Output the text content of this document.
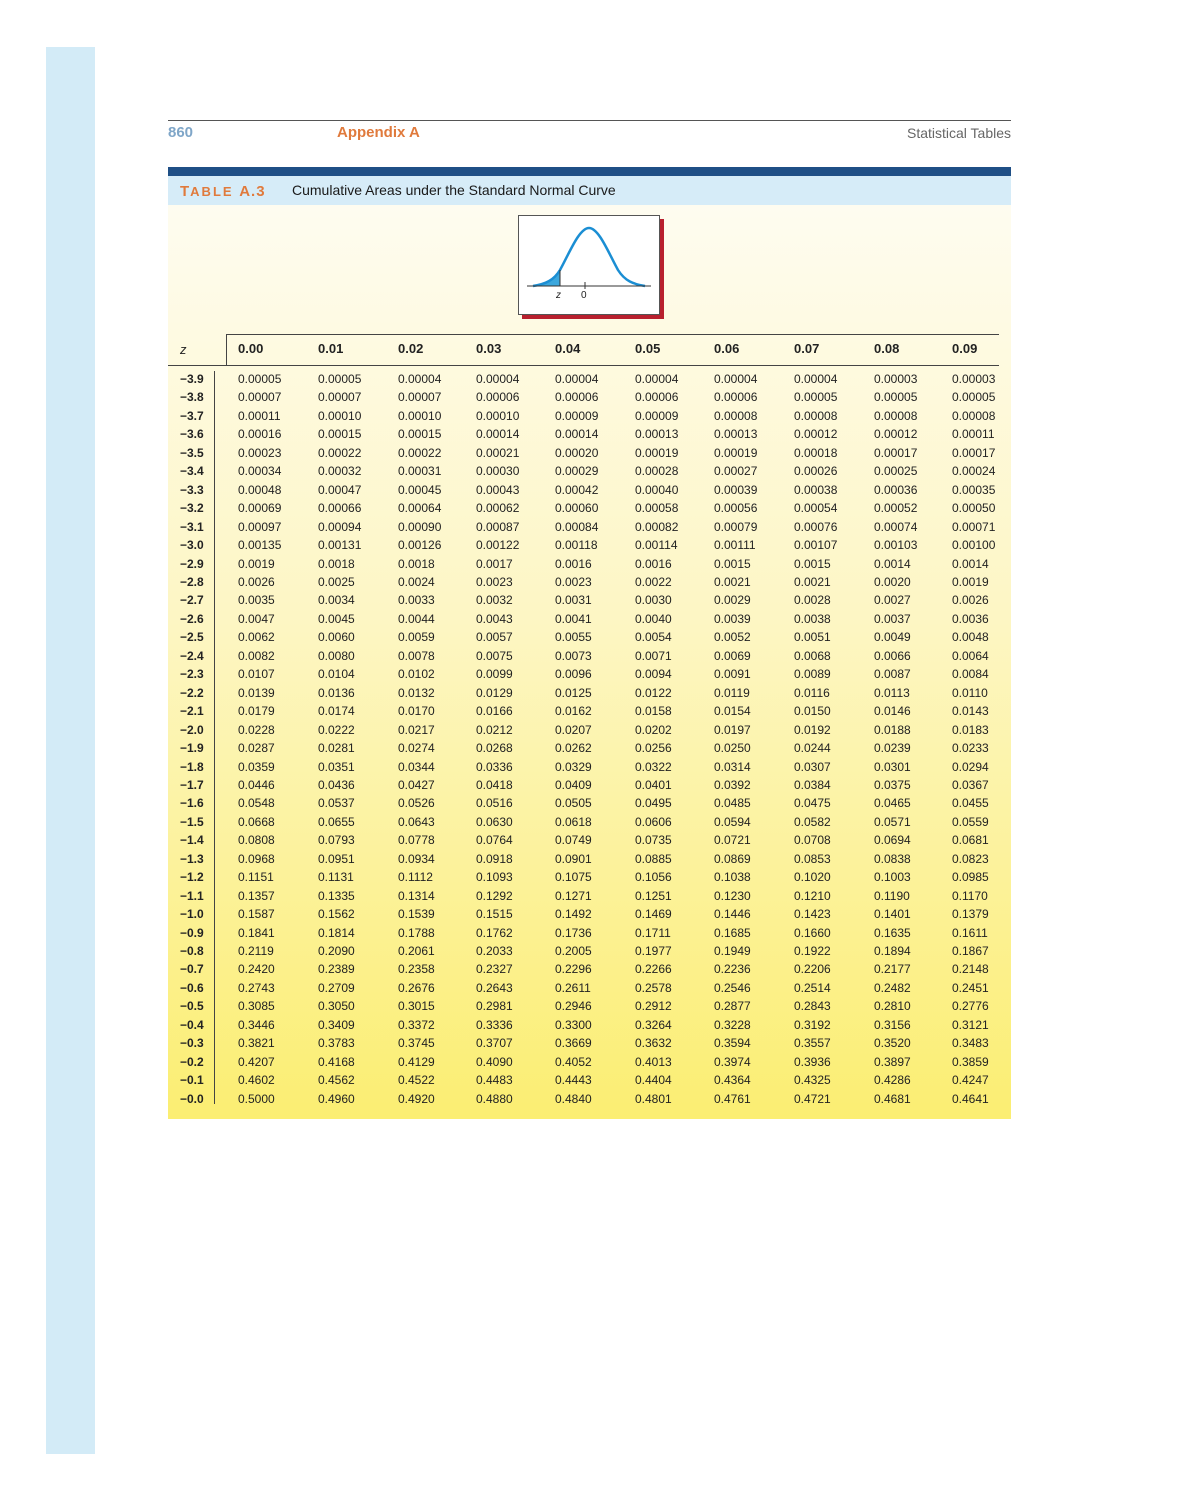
860	Appendix A	Statistical Tables
TABLE A.3 Cumulative Areas under the Standard Normal Curve
z 0
z	0.00	0.01	0.02	0.03	0.04	0.05	0.06	0.07	0.08	0.09
−3.9	0.00005	0.00005	0.00004	0.00004	0.00004	0.00004	0.00004	0.00004	0.00003	0.00003
−3.8	0.00007	0.00007	0.00007	0.00006	0.00006	0.00006	0.00006	0.00005	0.00005	0.00005
−3.7	0.00011	0.00010	0.00010	0.00010	0.00009	0.00009	0.00008	0.00008	0.00008	0.00008
−3.6	0.00016	0.00015	0.00015	0.00014	0.00014	0.00013	0.00013	0.00012	0.00012	0.00011
−3.5	0.00023	0.00022	0.00022	0.00021	0.00020	0.00019	0.00019	0.00018	0.00017	0.00017
−3.4	0.00034	0.00032	0.00031	0.00030	0.00029	0.00028	0.00027	0.00026	0.00025	0.00024
−3.3	0.00048	0.00047	0.00045	0.00043	0.00042	0.00040	0.00039	0.00038	0.00036	0.00035
−3.2	0.00069	0.00066	0.00064	0.00062	0.00060	0.00058	0.00056	0.00054	0.00052	0.00050
−3.1	0.00097	0.00094	0.00090	0.00087	0.00084	0.00082	0.00079	0.00076	0.00074	0.00071
−3.0	0.00135	0.00131	0.00126	0.00122	0.00118	0.00114	0.00111	0.00107	0.00103	0.00100
−2.9	0.0019	0.0018	0.0018	0.0017	0.0016	0.0016	0.0015	0.0015	0.0014	0.0014
−2.8	0.0026	0.0025	0.0024	0.0023	0.0023	0.0022	0.0021	0.0021	0.0020	0.0019
−2.7	0.0035	0.0034	0.0033	0.0032	0.0031	0.0030	0.0029	0.0028	0.0027	0.0026
−2.6	0.0047	0.0045	0.0044	0.0043	0.0041	0.0040	0.0039	0.0038	0.0037	0.0036
−2.5	0.0062	0.0060	0.0059	0.0057	0.0055	0.0054	0.0052	0.0051	0.0049	0.0048
−2.4	0.0082	0.0080	0.0078	0.0075	0.0073	0.0071	0.0069	0.0068	0.0066	0.0064
−2.3	0.0107	0.0104	0.0102	0.0099	0.0096	0.0094	0.0091	0.0089	0.0087	0.0084
−2.2	0.0139	0.0136	0.0132	0.0129	0.0125	0.0122	0.0119	0.0116	0.0113	0.0110
−2.1	0.0179	0.0174	0.0170	0.0166	0.0162	0.0158	0.0154	0.0150	0.0146	0.0143
−2.0	0.0228	0.0222	0.0217	0.0212	0.0207	0.0202	0.0197	0.0192	0.0188	0.0183
−1.9	0.0287	0.0281	0.0274	0.0268	0.0262	0.0256	0.0250	0.0244	0.0239	0.0233
−1.8	0.0359	0.0351	0.0344	0.0336	0.0329	0.0322	0.0314	0.0307	0.0301	0.0294
−1.7	0.0446	0.0436	0.0427	0.0418	0.0409	0.0401	0.0392	0.0384	0.0375	0.0367
−1.6	0.0548	0.0537	0.0526	0.0516	0.0505	0.0495	0.0485	0.0475	0.0465	0.0455
−1.5	0.0668	0.0655	0.0643	0.0630	0.0618	0.0606	0.0594	0.0582	0.0571	0.0559
−1.4	0.0808	0.0793	0.0778	0.0764	0.0749	0.0735	0.0721	0.0708	0.0694	0.0681
−1.3	0.0968	0.0951	0.0934	0.0918	0.0901	0.0885	0.0869	0.0853	0.0838	0.0823
−1.2	0.1151	0.1131	0.1112	0.1093	0.1075	0.1056	0.1038	0.1020	0.1003	0.0985
−1.1	0.1357	0.1335	0.1314	0.1292	0.1271	0.1251	0.1230	0.1210	0.1190	0.1170
−1.0	0.1587	0.1562	0.1539	0.1515	0.1492	0.1469	0.1446	0.1423	0.1401	0.1379
−0.9	0.1841	0.1814	0.1788	0.1762	0.1736	0.1711	0.1685	0.1660	0.1635	0.1611
−0.8	0.2119	0.2090	0.2061	0.2033	0.2005	0.1977	0.1949	0.1922	0.1894	0.1867
−0.7	0.2420	0.2389	0.2358	0.2327	0.2296	0.2266	0.2236	0.2206	0.2177	0.2148
−0.6	0.2743	0.2709	0.2676	0.2643	0.2611	0.2578	0.2546	0.2514	0.2482	0.2451
−0.5	0.3085	0.3050	0.3015	0.2981	0.2946	0.2912	0.2877	0.2843	0.2810	0.2776
−0.4	0.3446	0.3409	0.3372	0.3336	0.3300	0.3264	0.3228	0.3192	0.3156	0.3121
−0.3	0.3821	0.3783	0.3745	0.3707	0.3669	0.3632	0.3594	0.3557	0.3520	0.3483
−0.2	0.4207	0.4168	0.4129	0.4090	0.4052	0.4013	0.3974	0.3936	0.3897	0.3859
−0.1	0.4602	0.4562	0.4522	0.4483	0.4443	0.4404	0.4364	0.4325	0.4286	0.4247
−0.0	0.5000	0.4960	0.4920	0.4880	0.4840	0.4801	0.4761	0.4721	0.4681	0.4641
